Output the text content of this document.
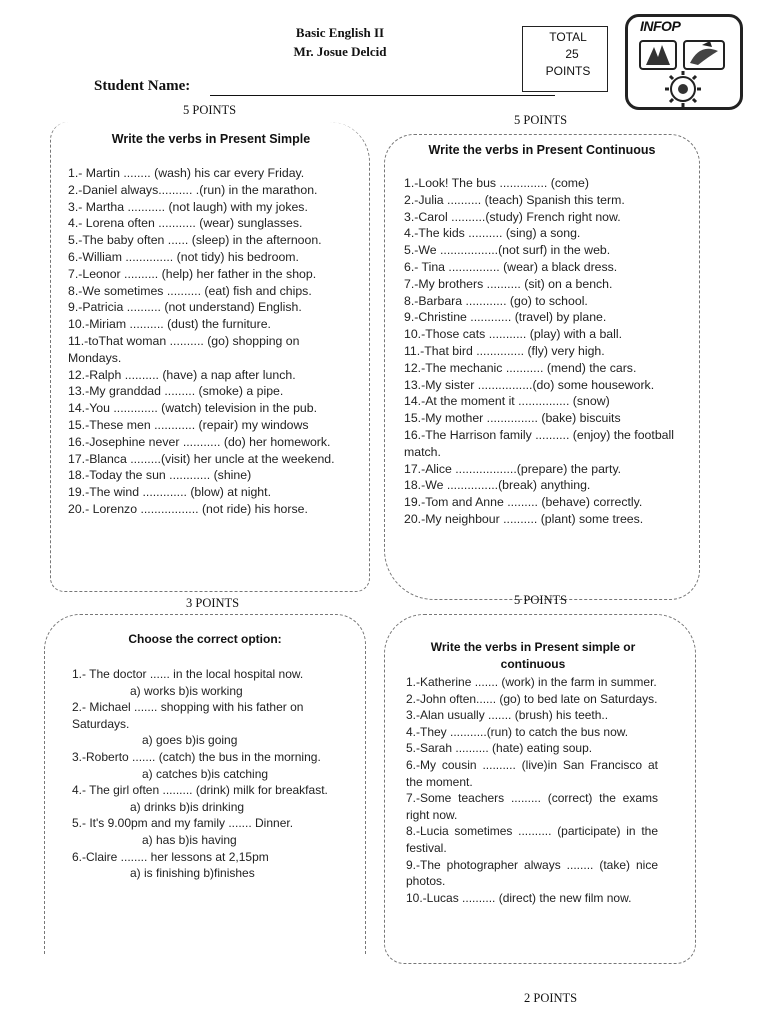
Basic English II
Mr. Josue Delcid
TOTAL
25
POINTS
INFOP
Student Name:
5 POINTS
Write the verbs in Present Simple

1.- Martin ........ (wash) his car every Friday.

2.-Daniel always.......... .(run) in the marathon.

3.- Martha ........... (not laugh) with my jokes.

4.- Lorena often ........... (wear) sunglasses.

5.-The baby often ...... (sleep) in the afternoon.

6.-William .............. (not tidy) his bedroom.

7.-Leonor .......... (help) her father in the shop.

8.-We sometimes .......... (eat) fish and chips.

9.-Patricia .......... (not understand) English.

10.-Miriam .......... (dust) the furniture.

11.-toThat woman .......... (go) shopping on Mondays.

12.-Ralph .......... (have) a nap after lunch.

13.-My granddad ......... (smoke) a pipe.

14.-You ............. (watch) television in the pub.

15.-These men ............ (repair) my windows

16.-Josephine never ........... (do) her homework.

17.-Blanca .........(visit) her uncle at the weekend.

18.-Today the sun ............ (shine)

19.-The wind ............. (blow) at night.

20.- Lorenzo ................. (not ride) his horse.

5 POINTS
Write the verbs in Present Continuous

1.-Look! The bus .............. (come)

2.-Julia .......... (teach) Spanish this term.

3.-Carol ..........(study) French right now.

4.-The kids .......... (sing) a song.

5.-We .................(not surf) in the web.

6.- Tina ............... (wear) a black dress.

7.-My brothers .......... (sit) on a bench.

8.-Barbara ............ (go) to school.

9.-Christine ............ (travel) by plane.

10.-Those cats ........... (play) with a ball.

11.-That bird .............. (fly) very high.

12.-The mechanic ........... (mend) the cars.

13.-My sister ................(do) some housework.

14.-At the moment it ............... (snow)

15.-My mother ............... (bake) biscuits

16.-The Harrison family .......... (enjoy) the football match.

17.-Alice ..................(prepare) the party.

18.-We ...............(break) anything.

19.-Tom and Anne ......... (behave) correctly.

20.-My neighbour .......... (plant) some trees.

3 POINTS
Choose the correct option:

1.- The doctor ...... in the local hospital now.

a) works b)is working

2.- Michael ....... shopping with his father on Saturdays.

a) goes b)is going

3.-Roberto ....... (catch) the bus in the morning.

a) catches b)is catching

4.- The girl often ......... (drink) milk for breakfast.

a) drinks b)is drinking

5.- It's 9.00pm and my family ....... Dinner.

a) has b)is having

6.-Claire ........ her lessons at 2,15pm

a) is finishing b)finishes

5 POINTS
Write the verbs in Present simple or continuous

1.-Katherine ....... (work) in the farm in summer.

2.-John often...... (go) to bed late on Saturdays.

3.-Alan usually ....... (brush) his teeth..

4.-They ...........(run) to catch the bus now.

5.-Sarah .......... (hate) eating soup.

6.-My cousin .......... (live)in San Francisco at the moment.

7.-Some teachers ......... (correct) the exams right now.

8.-Lucia sometimes .......... (participate) in the festival.

9.-The photographer always ........ (take) nice photos.

10.-Lucas .......... (direct) the new film now.

2 POINTS
